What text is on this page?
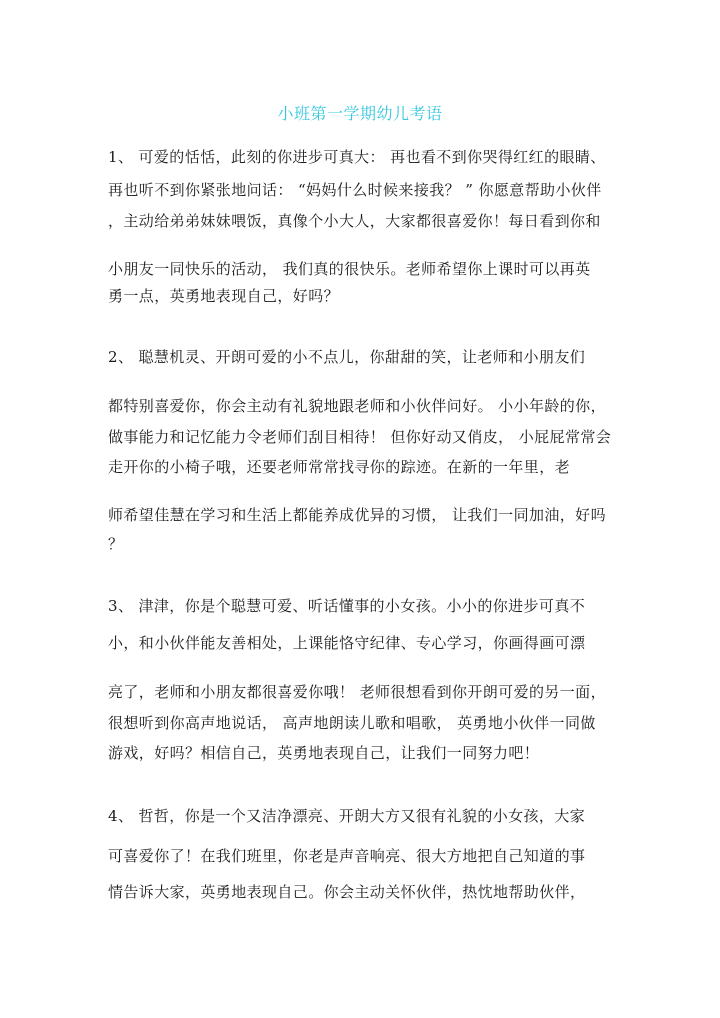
小班第一学期幼儿考语
1、 可爱的恬恬，此刻的你进步可真大： 再也看不到你哭得红红的眼睛、
再也听不到你紧张地问话： “妈妈什么时候来接我？ ” 你愿意帮助小伙伴
，主动给弟弟妹妹喂饭，真像个小大人，大家都很喜爱你！每日看到你和
小朋友一同快乐的活动， 我们真的很快乐。老师希望你上课时可以再英
勇一点，英勇地表现自己，好吗？
2、 聪慧机灵、开朗可爱的小不点儿，你甜甜的笑，让老师和小朋友们
都特别喜爱你，你会主动有礼貌地跟老师和小伙伴问好。 小小年龄的你，
做事能力和记忆能力令老师们刮目相待！ 但你好动又俏皮， 小屁屁常常会
走开你的小椅子哦，还要老师常常找寻你的踪迹。在新的一年里，老
师希望佳慧在学习和生活上都能养成优异的习惯， 让我们一同加油，好吗
？
3、 津津，你是个聪慧可爱、听话懂事的小女孩。小小的你进步可真不
小，和小伙伴能友善相处，上课能恪守纪律、专心学习，你画得画可漂
亮了，老师和小朋友都很喜爱你哦！ 老师很想看到你开朗可爱的另一面，
很想听到你高声地说话， 高声地朗读儿歌和唱歌， 英勇地小伙伴一同做
游戏，好吗？相信自己，英勇地表现自己，让我们一同努力吧！
4、 哲哲，你是一个又洁净漂亮、开朗大方又很有礼貌的小女孩，大家
可喜爱你了！在我们班里，你老是声音响亮、很大方地把自己知道的事
情告诉大家，英勇地表现自己。你会主动关怀伙伴，热忱地帮助伙伴，
